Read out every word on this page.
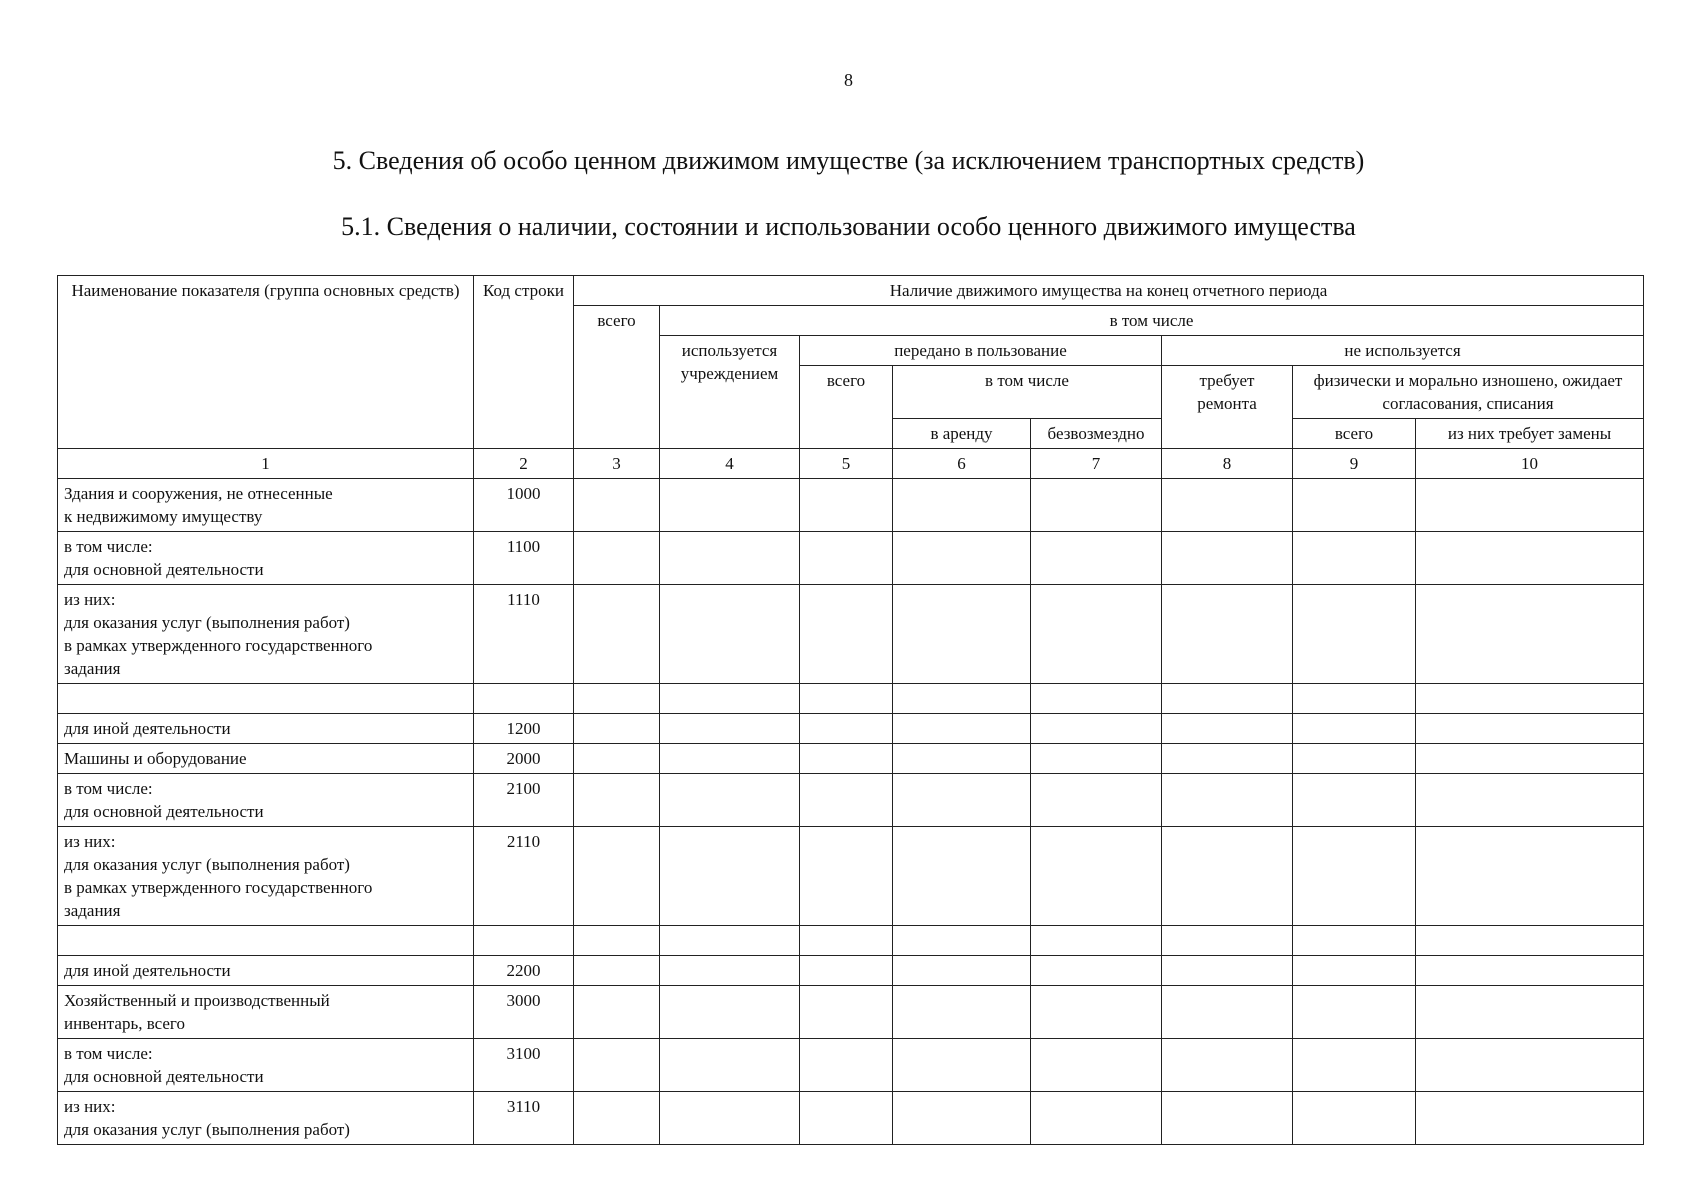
8
5. Сведения об особо ценном движимом имуществе (за исключением транспортных средств)
5.1. Сведения о наличии, состоянии и использовании особо ценного движимого имущества
Наименование показателя (группа основных средств)	Код строки	Наличие движимого имущества на конец отчетного периода							
		всего	в том числе						
			используется учреждением	передано в пользование			не используется		
				всего	в том числе		требует ремонта	физически и морально изношено, ожидает согласования, списания	
					в аренду	безвозмездно		всего	из них требует замены
1	2	3	4	5	6	7	8	9	10
Здания и сооружения, не отнесенные
к недвижимому имуществу	1000								
в том числе:
для основной деятельности	1100								
из них:
для оказания услуг (выполнения работ)
в рамках утвержденного государственного
задания	1110								

для иной деятельности	1200								
Машины и оборудование	2000								
в том числе:
для основной деятельности	2100								
из них:
для оказания услуг (выполнения работ)
в рамках утвержденного государственного
задания	2110								

для иной деятельности	2200								
Хозяйственный и производственный
инвентарь, всего	3000								
в том числе:
для основной деятельности	3100								
из них:
для оказания услуг (выполнения работ)	3110								
